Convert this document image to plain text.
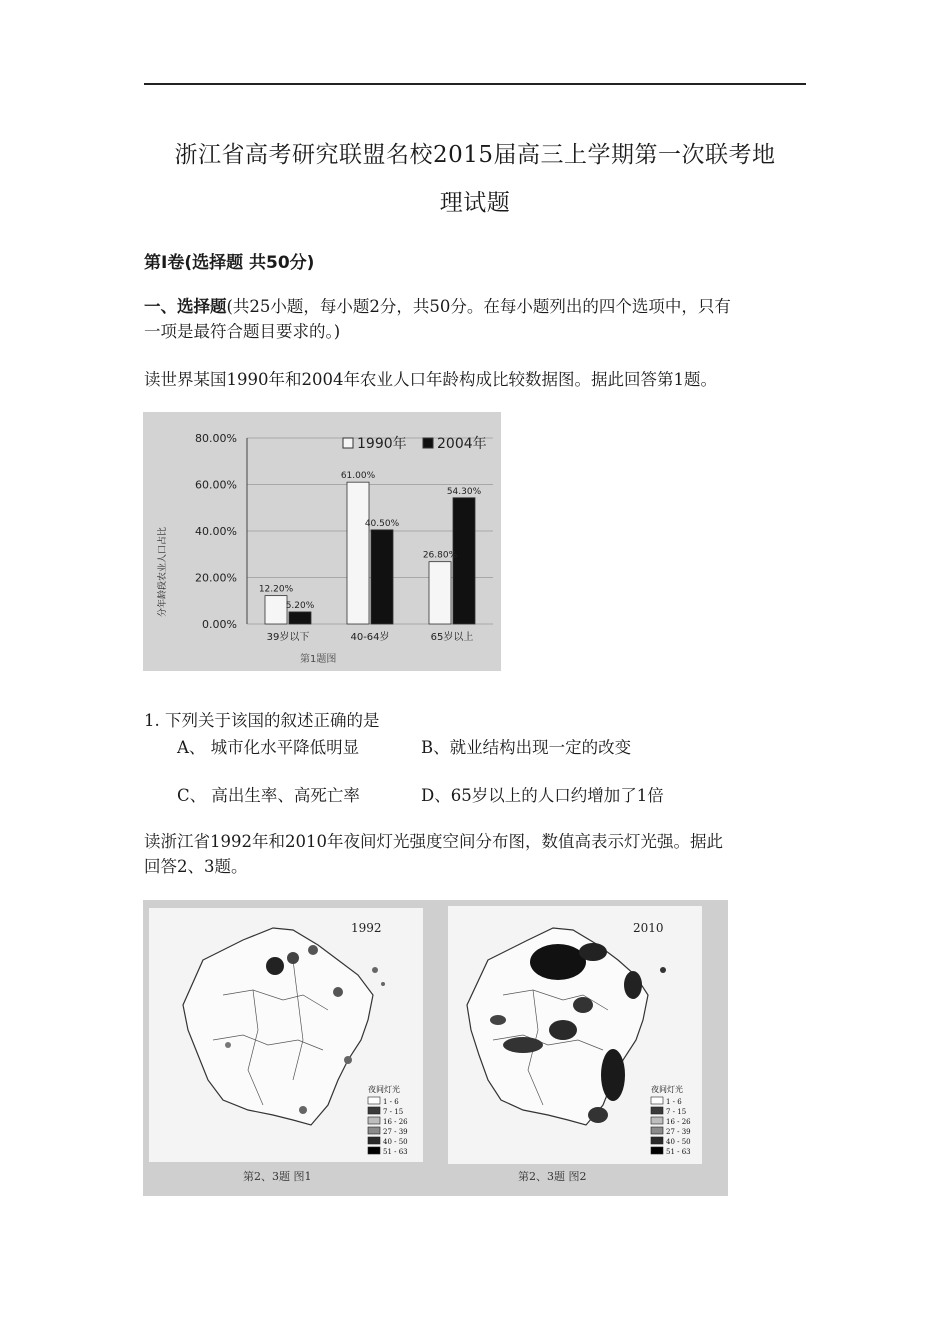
浙江省高考研究联盟名校2015届高三上学期第一次联考地
理试题
第Ⅰ卷(选择题 共50分)
一、选择题(共25小题，每小题2分，共50分。在每小题列出的四个选项中，只有
一项是最符合题目要求的。)
读世界某国1990年和2004年农业人口年龄构成比较数据图。据此回答第1题。
80.00%
60.00%
40.00%
20.00%
0.00%
分年龄段农业人口占比	12.20%
5.20%
61.00%
40.50%
26.80%
54.30%
39岁以下	40-64岁	65岁以上
1990年 2004年
第1题图
1. 下列关于该国的叙述正确的是
A、 城市化水平降低明显	B、就业结构出现一定的改变
C、 高出生率、高死亡率	D、65岁以上的人口约增加了1倍
读浙江省1992年和2010年夜间灯光强度空间分布图，数值高表示灯光强。据此
回答2、3题。
1992
夜间灯光
1 - 6
7 - 15
16 - 26
27 - 39
40 - 50
51 - 63
第2、3题 图1
2010
夜间灯光
1 - 6
7 - 15
16 - 26
27 - 39
40 - 50
51 - 63
第2、3题 图2
